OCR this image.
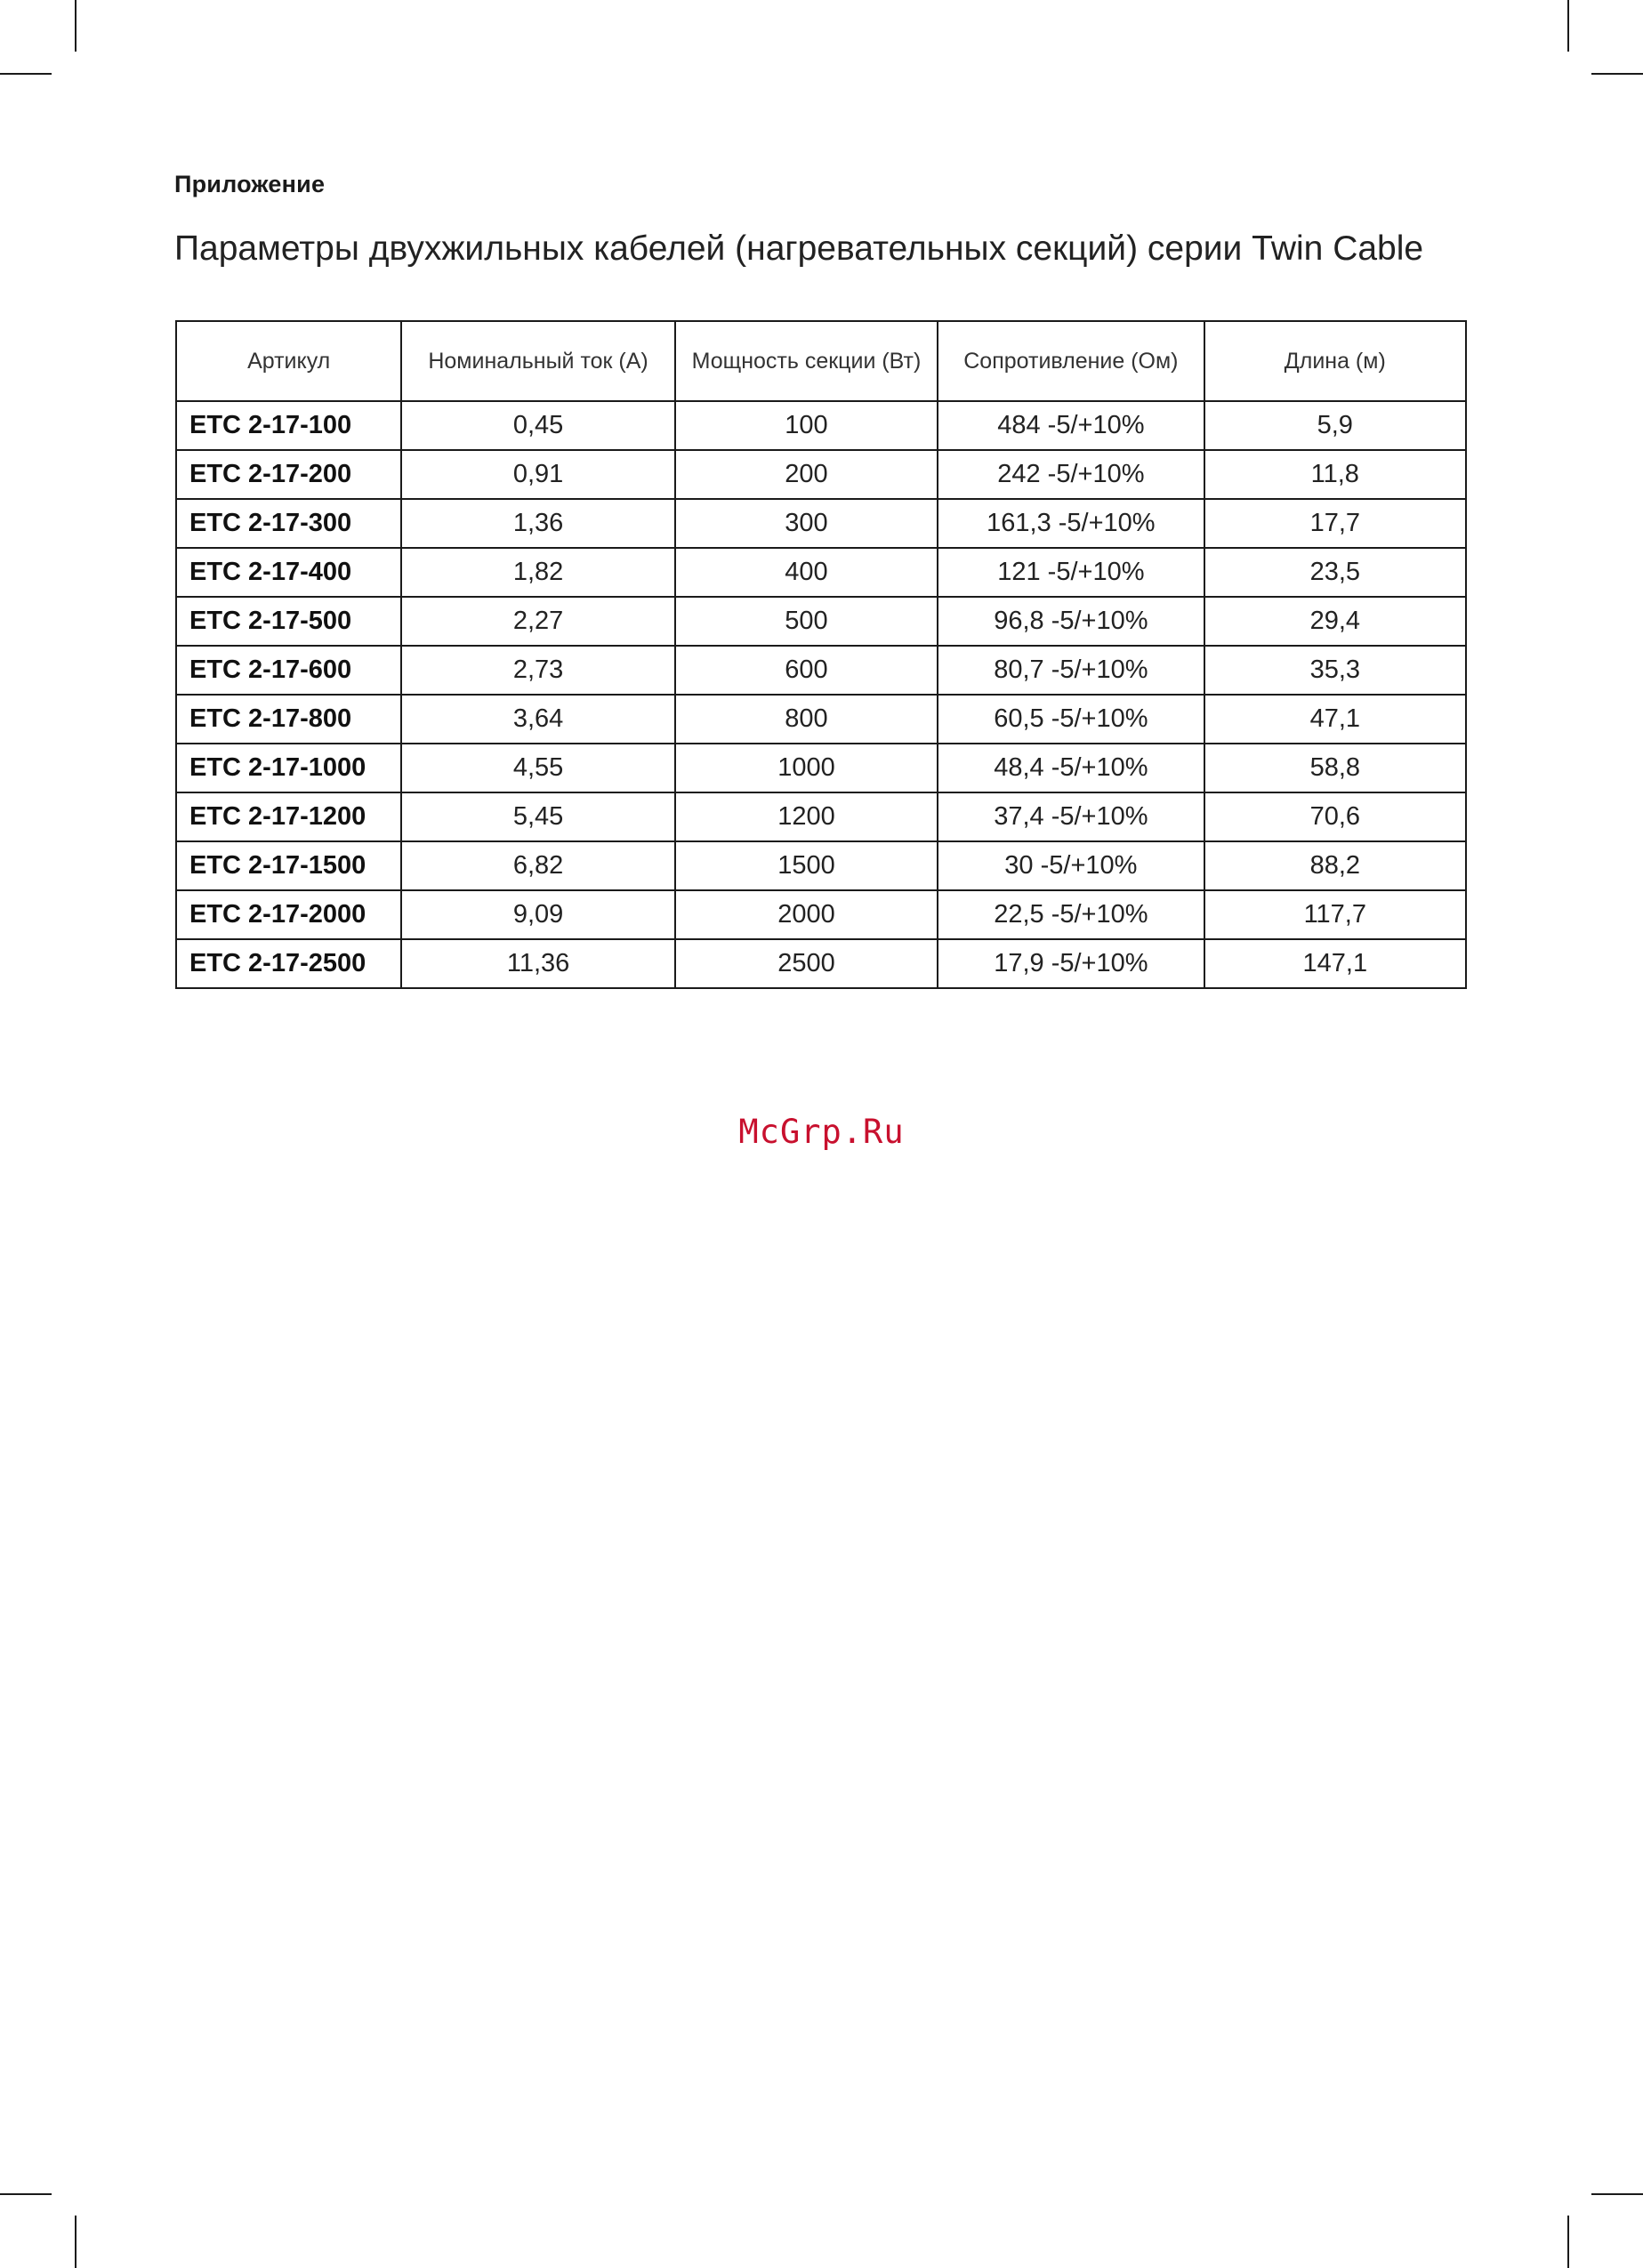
Приложение
Параметры двухжильных кабелей (нагревательных секций) серии Twin Cable
Артикул	Номинальный ток (А)	Мощность секции (Вт)	Сопротивление (Ом)	Длина (м)
ETC 2-17-100	0,45	100	484 -5/+10%	5,9
ETC 2-17-200	0,91	200	242 -5/+10%	11,8
ETC 2-17-300	1,36	300	161,3 -5/+10%	17,7
ETC 2-17-400	1,82	400	121 -5/+10%	23,5
ETC 2-17-500	2,27	500	96,8 -5/+10%	29,4
ETC 2-17-600	2,73	600	80,7 -5/+10%	35,3
ETC 2-17-800	3,64	800	60,5 -5/+10%	47,1
ETC 2-17-1000	4,55	1000	48,4 -5/+10%	58,8
ETC 2-17-1200	5,45	1200	37,4 -5/+10%	70,6
ETC 2-17-1500	6,82	1500	30 -5/+10%	88,2
ETC 2-17-2000	9,09	2000	22,5 -5/+10%	117,7
ETC 2-17-2500	11,36	2500	17,9 -5/+10%	147,1
McGrp.Ru
